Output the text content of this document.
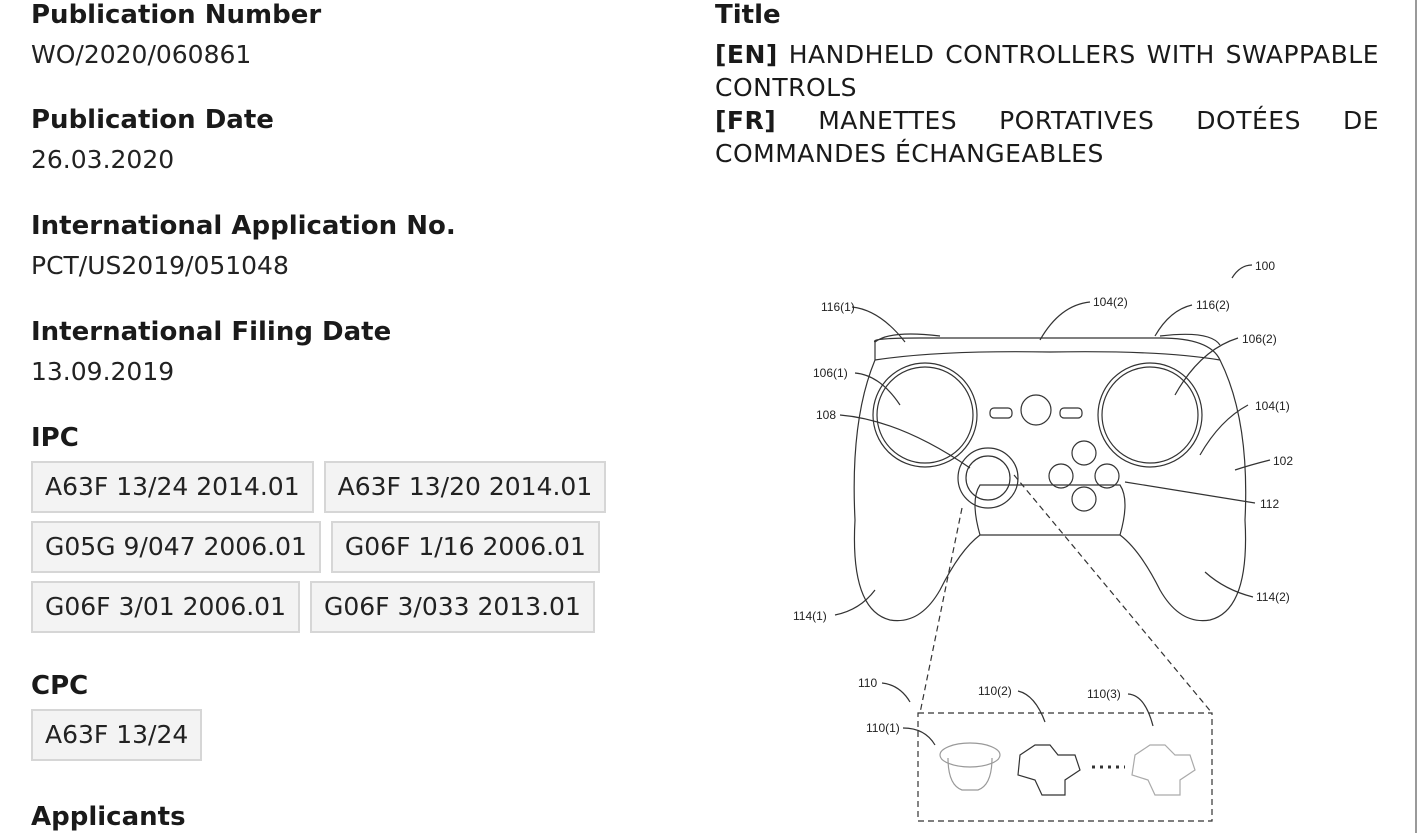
Publication Number
WO/2020/060861
Publication Date
26.03.2020
International Application No.
PCT/US2019/051048
International Filing Date
13.09.2019
IPC
A63F 13/24 2014.01	A63F 13/20 2014.01
G05G 9/047 2006.01	G06F 1/16 2006.01
G06F 3/01 2006.01	G06F 3/033 2013.01
CPC
A63F 13/24
Applicants
Title
[EN] HANDHELD CONTROLLERS WITH SWAPPABLE CONTROLS
[FR] MANETTES PORTATIVES DOTÉES DE COMMANDES ÉCHANGEABLES
100
102
104(1)
104(2)
106(1)
106(2)
108
110
110(1)
110(2)	110(3)
112
114(1)
114(2)
116(1)	116(2)
